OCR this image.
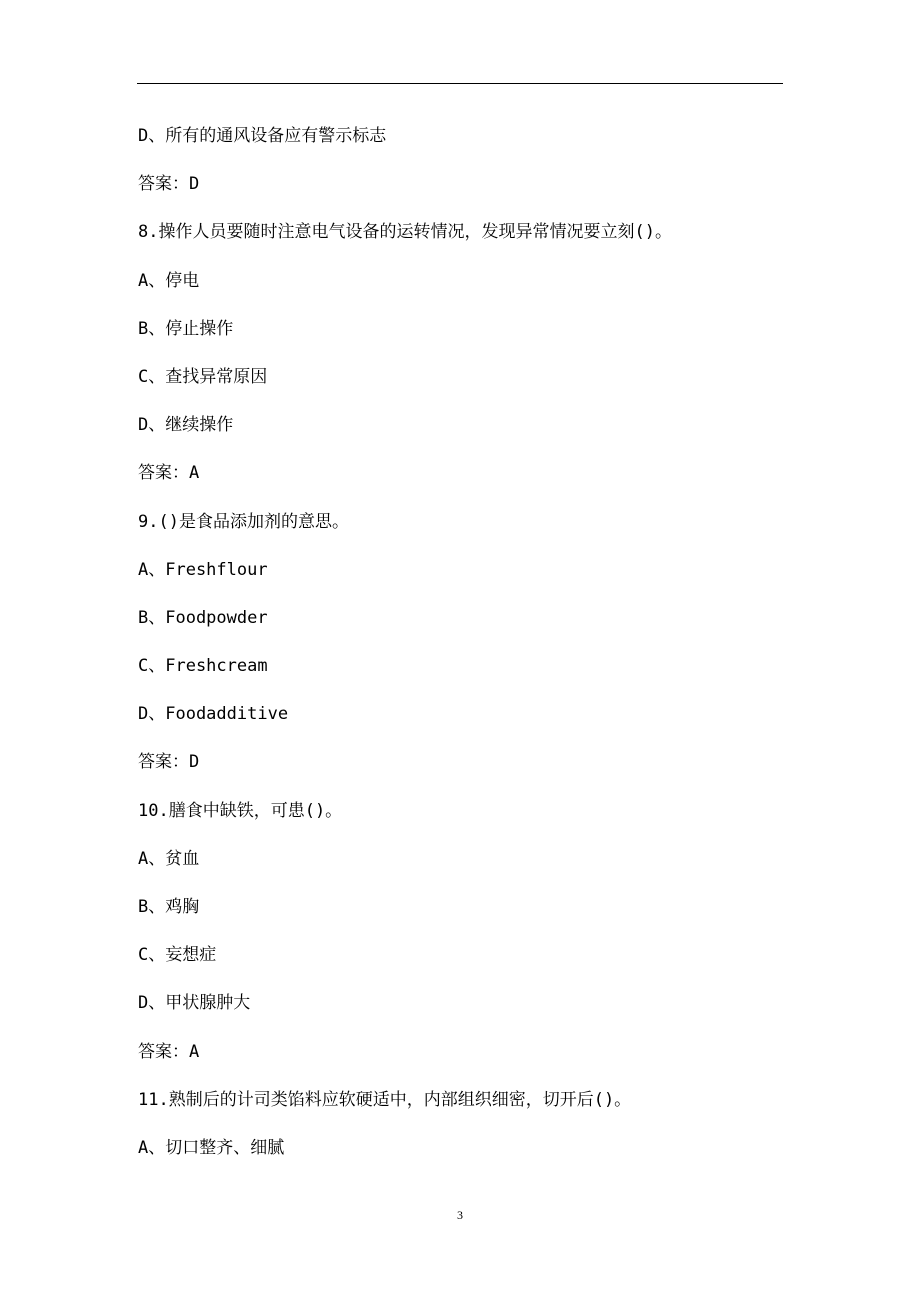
D、所有的通风设备应有警示标志
答案：D
8.操作人员要随时注意电气设备的运转情况，发现异常情况要立刻()。
A、停电
B、停止操作
C、查找异常原因
D、继续操作
答案：A
9.()是食品添加剂的意思。
A、Freshflour
B、Foodpowder
C、Freshcream
D、Foodadditive
答案：D
10.膳食中缺铁，可患()。
A、贫血
B、鸡胸
C、妄想症
D、甲状腺肿大
答案：A
11.熟制后的计司类馅料应软硬适中，内部组织细密，切开后()。
A、切口整齐、细腻
3
